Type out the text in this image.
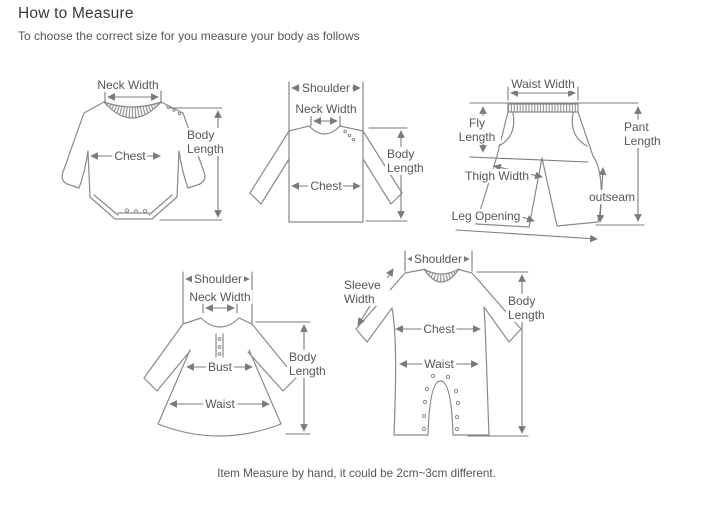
How to Measure
To choose the correct size for you measure your body as follows
Neck Width
Chest
Body Length
Shoulder
Neck Width
Chest
Body Length
Waist Width
Fly Length
Pant Length
Thigh Width
outseam
Leg Opening
Shoulder
Neck Width
Bust
Waist
Body Length
Shoulder
Sleeve Width
Chest
Waist
Body Length
Item Measure by hand, it could be 2cm~3cm different.
